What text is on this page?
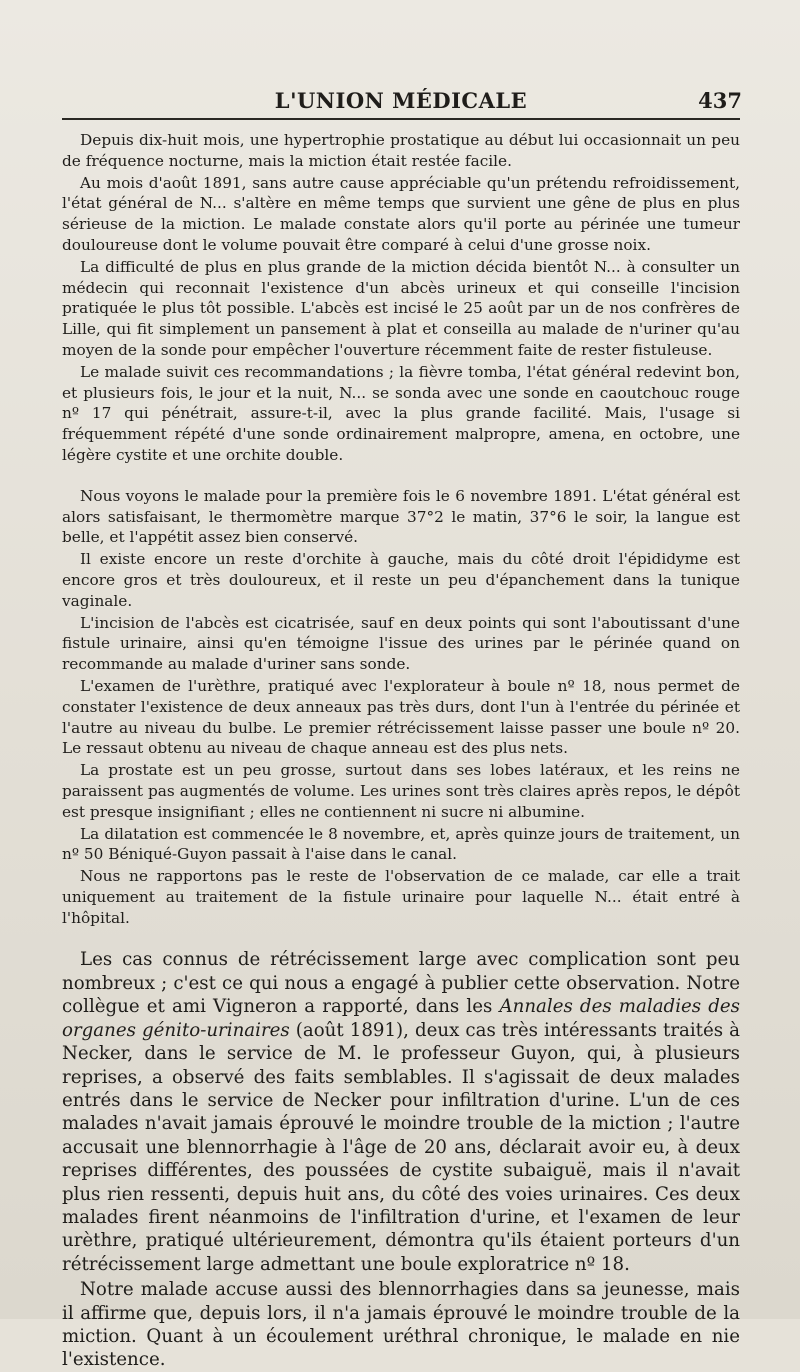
L'UNION MÉDICALE	437

Depuis dix-huit mois, une hypertrophie prostatique au début lui occasionnait un peu de fréquence nocturne, mais la miction était restée facile.

Au mois d'août 1891, sans autre cause appréciable qu'un prétendu refroidissement, l'état général de N... s'altère en même temps que survient une gêne de plus en plus sérieuse de la miction. Le malade constate alors qu'il porte au périnée une tumeur douloureuse dont le volume pouvait être comparé à celui d'une grosse noix.

La difficulté de plus en plus grande de la miction décida bientôt N... à consulter un médecin qui reconnait l'existence d'un abcès urineux et qui conseille l'incision pratiquée le plus tôt possible. L'abcès est incisé le 25 août par un de nos confrères de Lille, qui fit simplement un pansement à plat et conseilla au malade de n'uriner qu'au moyen de la sonde pour empêcher l'ouverture récemment faite de rester fistuleuse.

Le malade suivit ces recommandations ; la fièvre tomba, l'état général redevint bon, et plusieurs fois, le jour et la nuit, N... se sonda avec une sonde en caoutchouc rouge nº 17 qui pénétrait, assure-t-il, avec la plus grande facilité. Mais, l'usage si fréquemment répété d'une sonde ordinairement malpropre, amena, en octobre, une légère cystite et une orchite double.

Nous voyons le malade pour la première fois le 6 novembre 1891. L'état général est alors satisfaisant, le thermomètre marque 37°2 le matin, 37°6 le soir, la langue est belle, et l'appétit assez bien conservé.

Il existe encore un reste d'orchite à gauche, mais du côté droit l'épididyme est encore gros et très douloureux, et il reste un peu d'épanchement dans la tunique vaginale.

L'incision de l'abcès est cicatrisée, sauf en deux points qui sont l'aboutissant d'une fistule urinaire, ainsi qu'en témoigne l'issue des urines par le périnée quand on recommande au malade d'uriner sans sonde.

L'examen de l'urèthre, pratiqué avec l'explorateur à boule nº 18, nous permet de constater l'existence de deux anneaux pas très durs, dont l'un à l'entrée du périnée et l'autre au niveau du bulbe. Le premier rétrécissement laisse passer une boule nº 20. Le ressaut obtenu au niveau de chaque anneau est des plus nets.

La prostate est un peu grosse, surtout dans ses lobes latéraux, et les reins ne paraissent pas augmentés de volume. Les urines sont très claires après repos, le dépôt est presque insignifiant ; elles ne contiennent ni sucre ni albumine.

La dilatation est commencée le 8 novembre, et, après quinze jours de traitement, un nº 50 Béniqué-Guyon passait à l'aise dans le canal.

Nous ne rapportons pas le reste de l'observation de ce malade, car elle a trait uniquement au traitement de la fistule urinaire pour laquelle N... était entré à l'hôpital.

Les cas connus de rétrécissement large avec complication sont peu nombreux ; c'est ce qui nous a engagé à publier cette observation. Notre collègue et ami Vigneron a rapporté, dans les Annales des maladies des organes génito-urinaires (août 1891), deux cas très intéressants traités à Necker, dans le service de M. le professeur Guyon, qui, à plusieurs reprises, a observé des faits semblables. Il s'agissait de deux malades entrés dans le service de Necker pour infiltration d'urine. L'un de ces malades n'avait jamais éprouvé le moindre trouble de la miction ; l'autre accusait une blennorrhagie à l'âge de 20 ans, déclarait avoir eu, à deux reprises différentes, des poussées de cystite subaiguë, mais il n'avait plus rien ressenti, depuis huit ans, du côté des voies urinaires. Ces deux malades firent néanmoins de l'infiltration d'urine, et l'examen de leur urèthre, pratiqué ultérieurement, démontra qu'ils étaient porteurs d'un rétrécissement large admettant une boule exploratrice nº 18.

Notre malade accuse aussi des blennorrhagies dans sa jeunesse, mais il affirme que, depuis lors, il n'a jamais éprouvé le moindre trouble de la miction. Quant à un écoulement uréthral chronique, le malade en nie l'existence.
